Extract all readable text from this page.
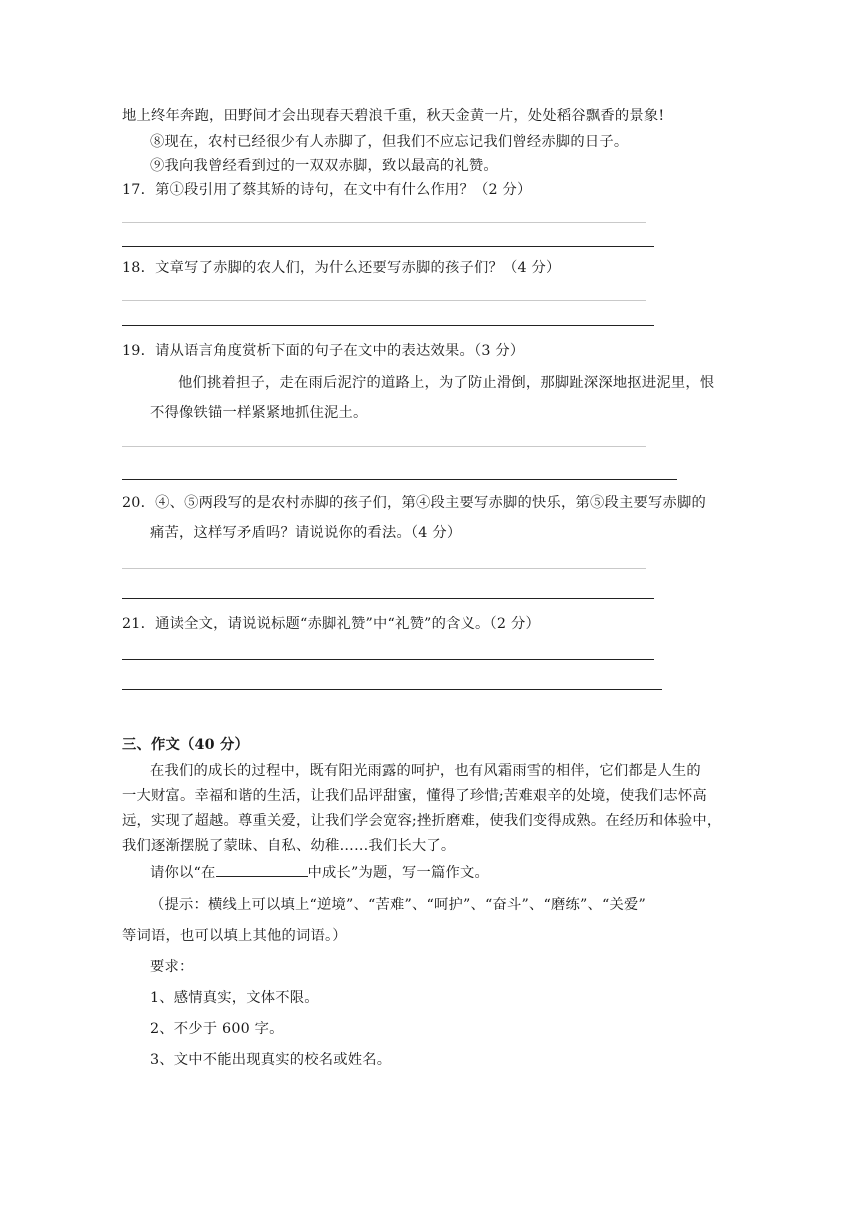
地上终年奔跑，田野间才会出现春天碧浪千重，秋天金黄一片，处处稻谷飘香的景象!
⑧现在，农村已经很少有人赤脚了，但我们不应忘记我们曾经赤脚的日子。
⑨我向我曾经看到过的一双双赤脚，致以最高的礼赞。
17．第①段引用了蔡其矫的诗句，在文中有什么作用？（2 分）
18．文章写了赤脚的农人们，为什么还要写赤脚的孩子们？（4 分）
19．请从语言角度赏析下面的句子在文中的表达效果。（3 分）
他们挑着担子，走在雨后泥泞的道路上，为了防止滑倒，那脚趾深深地抠进泥里，恨
不得像铁锚一样紧紧地抓住泥土。
20．④、⑤两段写的是农村赤脚的孩子们，第④段主要写赤脚的快乐，第⑤段主要写赤脚的
痛苦，这样写矛盾吗？请说说你的看法。（4 分）
21．通读全文，请说说标题“赤脚礼赞”中“礼赞”的含义。（2 分）
三、作文（40 分）
在我们的成长的过程中，既有阳光雨露的呵护，也有风霜雨雪的相伴，它们都是人生的
一大财富。幸福和谐的生活，让我们品评甜蜜，懂得了珍惜;苦难艰辛的处境，使我们志怀高
远，实现了超越。尊重关爱，让我们学会宽容;挫折磨难，使我们变得成熟。在经历和体验中，
我们逐渐摆脱了蒙昧、自私、幼稚……我们长大了。
请你以“在	中成长”为题，写一篇作文。
（提示：横线上可以填上“逆境”、“苦难”、“呵护”、“奋斗”、“磨练”、“关爱”
等词语，也可以填上其他的词语。）
要求：
1、感情真实，文体不限。
2、不少于 600 字。
3、文中不能出现真实的校名或姓名。
